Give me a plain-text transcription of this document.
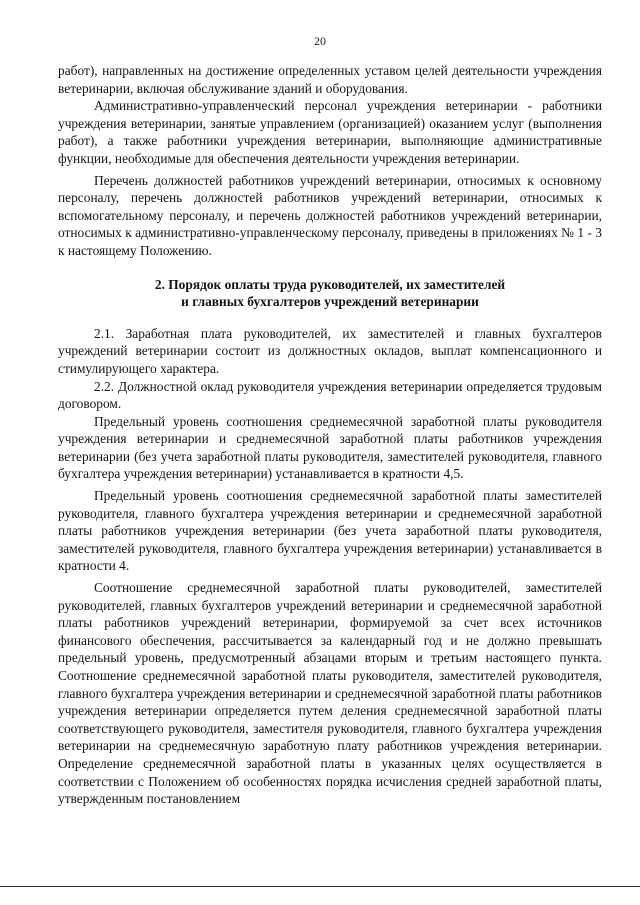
20

работ), направленных на достижение определенных уставом целей деятельности учреждения ветеринарии, включая обслуживание зданий и оборудования.

Административно-управленческий персонал учреждения ветеринарии - работники учреждения ветеринарии, занятые управлением (организацией) оказанием услуг (выполнения работ), а также работники учреждения ветеринарии, выполняющие административные функции, необходимые для обеспечения деятельности учреждения ветеринарии.

Перечень должностей работников учреждений ветеринарии, относимых к основному персоналу, перечень должностей работников учреждений ветеринарии, относимых к вспомогательному персоналу, и перечень должностей работников учреждений ветеринарии, относимых к административно-управленческому персоналу, приведены в приложениях № 1 - 3 к настоящему Положению.

2. Порядок оплаты труда руководителей, их заместителей
и главных бухгалтеров учреждений ветеринарии

2.1. Заработная плата руководителей, их заместителей и главных бухгалтеров учреждений ветеринарии состоит из должностных окладов, выплат компенсационного и стимулирующего характера.

2.2. Должностной оклад руководителя учреждения ветеринарии определяется трудовым договором.

Предельный уровень соотношения среднемесячной заработной платы руководителя учреждения ветеринарии и среднемесячной заработной платы работников учреждения ветеринарии (без учета заработной платы руководителя, заместителей руководителя, главного бухгалтера учреждения ветеринарии) устанавливается в кратности 4,5.

Предельный уровень соотношения среднемесячной заработной платы заместителей руководителя, главного бухгалтера учреждения ветеринарии и среднемесячной заработной платы работников учреждения ветеринарии (без учета заработной платы руководителя, заместителей руководителя, главного бухгалтера учреждения ветеринарии) устанавливается в кратности 4.

Соотношение среднемесячной заработной платы руководителей, заместителей руководителей, главных бухгалтеров учреждений ветеринарии и среднемесячной заработной платы работников учреждений ветеринарии, формируемой за счет всех источников финансового обеспечения, рассчитывается за календарный год и не должно превышать предельный уровень, предусмотренный абзацами вторым и третьим настоящего пункта. Соотношение среднемесячной заработной платы руководителя, заместителей руководителя, главного бухгалтера учреждения ветеринарии и среднемесячной заработной платы работников учреждения ветеринарии определяется путем деления среднемесячной заработной платы соответствующего руководителя, заместителя руководителя, главного бухгалтера учреждения ветеринарии на среднемесячную заработную плату работников учреждения ветеринарии. Определение среднемесячной заработной платы в указанных целях осуществляется в соответствии с Положением об особенностях порядка исчисления средней заработной платы, утвержденным постановлением
